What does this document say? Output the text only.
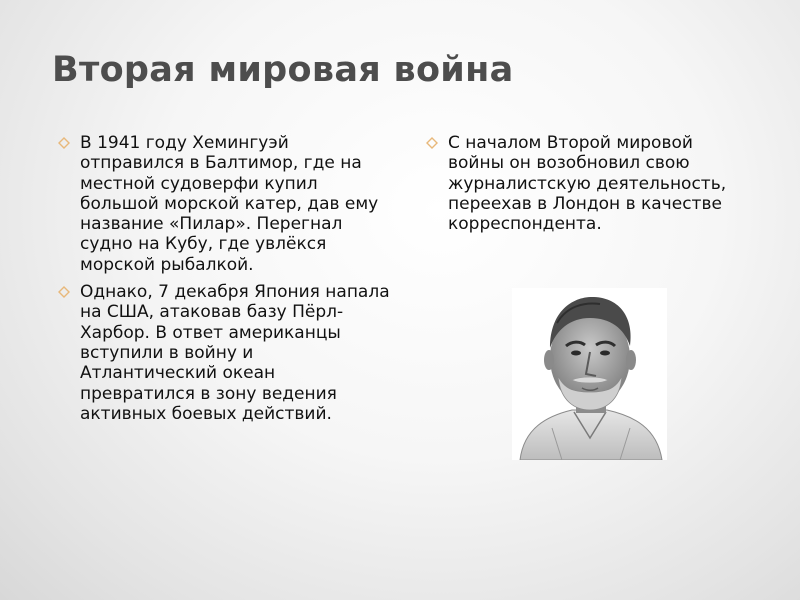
Вторая мировая война
В 1941 году Хемингуэй отправился в Балтимор, где на местной судоверфи купил большой морской катер, дав ему название «Пилар». Перегнал судно на Кубу, где увлёкся морской рыбалкой.
Однако, 7 декабря Япония напала на США, атаковав базу Пёрл-Харбор. В ответ американцы вступили в войну и Атлантический океан превратился в зону ведения активных боевых действий.
С началом Второй мировой войны он возобновил свою журналистскую деятельность, переехав в Лондон в качестве корреспондента.
